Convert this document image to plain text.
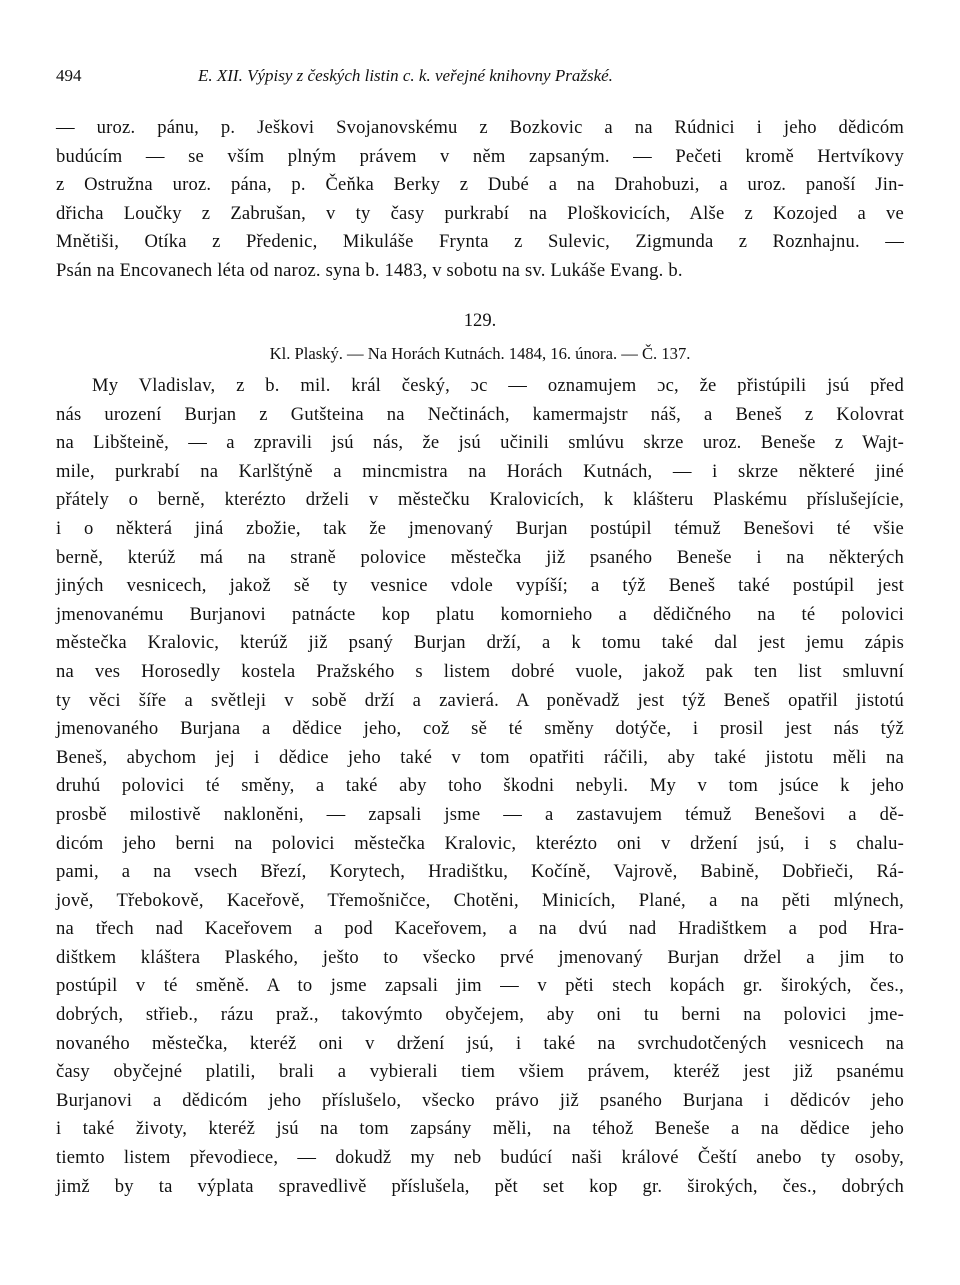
494	E. XII. Výpisy z českých listin c. k. veřejné knihovny Pražské.
— uroz. pánu, p. Ješkovi Svojanovskému z Bozkovic a na Rúdnici i jeho dědicóm
budúcím — se vším plným právem v něm zapsaným. — Pečeti kromě Hertvíkovy
z Ostružna uroz. pána, p. Čeňka Berky z Dubé a na Drahobuzi, a uroz. panoší Jin-
dřicha Loučky z Zabrušan, v ty časy purkrabí na Ploškovicích, Alše z Kozojed a ve
Mnětiši, Otíka z Předenic, Mikuláše Frynta z Sulevic, Zigmunda z Roznhajnu. —
Psán na Encovanech léta od naroz. syna b. 1483, v sobotu na sv. Lukáše Evang. b.
129.
Kl. Plaský. — Na Horách Kutnách. 1484, 16. února. — Č. 137.
My Vladislav, z b. mil. král český, ɔc — oznamujem ɔc, že přistúpili jsú před
nás urození Burjan z Gutšteina na Nečtinách, kamermajstr náš, a Beneš z Kolovrat
na Libšteině, — a zpravili jsú nás, že jsú učinili smlúvu skrze uroz. Beneše z Wajt-
mile, purkrabí na Karlštýně a mincmistra na Horách Kutnách, — i skrze některé jiné
přátely o berně, kterézto drželi v městečku Kralovicích, k klášteru Plaskému příslušejície,
i o některá jiná zbožie, tak že jmenovaný Burjan postúpil témuž Benešovi té všie
berně, kterúž má na straně polovice městečka již psaného Beneše i na některých
jiných vesnicech, jakož sě ty vesnice vdole vypíší; a týž Beneš také postúpil jest
jmenovanému Burjanovi patnácte kop platu komornieho a dědičného na té polovici
městečka Kralovic, kterúž již psaný Burjan drží, a k tomu také dal jest jemu zápis
na ves Horosedly kostela Pražského s listem dobré vuole, jakož pak ten list smluvní
ty věci šíře a světleji v sobě drží a zavierá. A poněvadž jest týž Beneš opatřil jistotú
jmenovaného Burjana a dědice jeho, což sě té směny dotýče, i prosil jest nás týž
Beneš, abychom jej i dědice jeho také v tom opatřiti ráčili, aby také jistotu měli na
druhú polovici té směny, a také aby toho škodni nebyli. My v tom jsúce k jeho
prosbě milostivě nakloněni, — zapsali jsme — a zastavujem témuž Benešovi a dě-
dicóm jeho berni na polovici městečka Kralovic, kterézto oni v držení jsú, i s chalu-
pami, a na vsech Březí, Korytech, Hradištku, Kočíně, Vajrově, Babině, Dobřieči, Rá-
jově, Třebokově, Kaceřově, Třemošničce, Chotěni, Minicích, Plané, a na pěti mlýnech,
na třech nad Kaceřovem a pod Kaceřovem, a na dvú nad Hradištkem a pod Hra-
dištkem kláštera Plaského, ješto to všecko prvé jmenovaný Burjan držel a jim to
postúpil v té směně. A to jsme zapsali jim — v pěti stech kopách gr. širokých, čes.,
dobrých, střieb., rázu praž., takovýmto obyčejem, aby oni tu berni na polovici jme-
novaného městečka, kteréž oni v držení jsú, i také na svrchudotčených vesnicech na
časy obyčejné platili, brali a vybierali tiem všiem právem, kteréž jest již psanému
Burjanovi a dědicóm jeho příslušelo, všecko právo již psaného Burjana i dědicóv jeho
i také životy, kteréž jsú na tom zapsány měli, na téhož Beneše a na dědice jeho
tiemto listem převodiece, — dokudž my neb budúcí naši králové Čeští anebo ty osoby,
jimž by ta výplata spravedlivě příslušela, pět set kop gr. širokých, čes., dobrých
